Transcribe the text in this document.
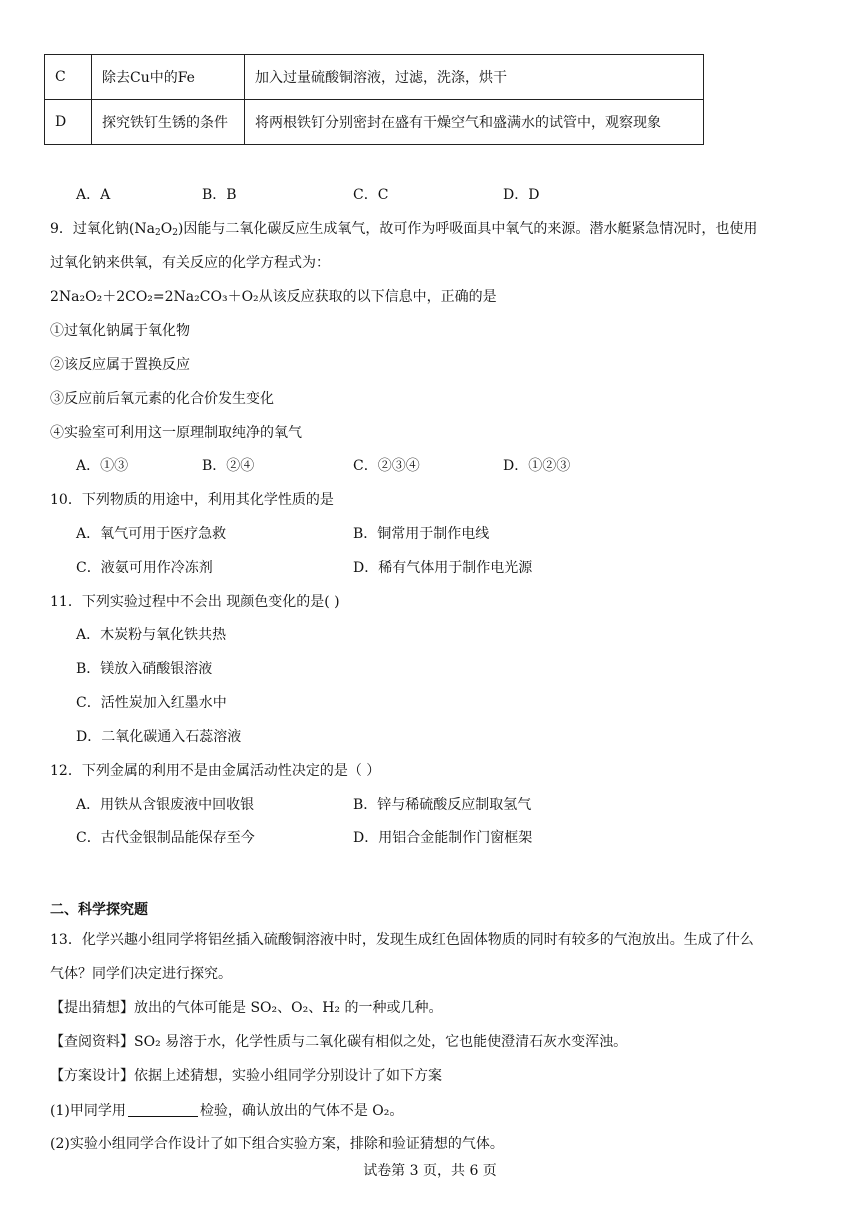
C	除去Cu中的Fe	加入过量硫酸铜溶液，过滤，洗涤，烘干
D	探究铁钉生锈的条件	将两根铁钉分别密封在盛有干燥空气和盛满水的试管中，观察现象
A．A	B．B	C．C	D．D
9．过氧化钠$(Na_2O_2)$因能与二氧化碳反应生成氧气，故可作为呼吸面具中氧气的来源。潜水艇紧急情况时，也使用
过氧化钠来供氧，有关反应的化学方程式为：
2Na₂O₂＋2CO₂=2Na₂CO₃＋O₂从该反应获取的以下信息中，正确的是
①过氧化钠属于氧化物
②该反应属于置换反应
③反应前后氧元素的化合价发生变化
④实验室可利用这一原理制取纯净的氧气
A．①③	B．②④	C．②③④	D．①②③
10．下列物质的用途中，利用其化学性质的是
A．氧气可用于医疗急救	B．铜常用于制作电线
C．液氨可用作冷冻剂	D．稀有气体用于制作电光源
11．下列实验过程中不会出 现颜色变化的是( )
A．木炭粉与氧化铁共热
B．镁放入硝酸银溶液
C．活性炭加入红墨水中
D．二氧化碳通入石蕊溶液
12．下列金属的利用不是由金属活动性决定的是（ ）
A．用铁从含银废液中回收银	B．锌与稀硫酸反应制取氢气
C．古代金银制品能保存至今	D．用铝合金能制作门窗框架
二、科学探究题
13．化学兴趣小组同学将铝丝插入硫酸铜溶液中时，发现生成红色固体物质的同时有较多的气泡放出。生成了什么
气体？同学们决定进行探究。
【提出猜想】放出的气体可能是 SO₂、O₂、H₂ 的一种或几种。
【查阅资料】SO₂ 易溶于水，化学性质与二氧化碳有相似之处，它也能使澄清石灰水变浑浊。
【方案设计】依据上述猜想，实验小组同学分别设计了如下方案
(1)甲同学用	检验，确认放出的气体不是 O₂。
(2)实验小组同学合作设计了如下组合实验方案，排除和验证猜想的气体。
试卷第 3 页，共 6 页
